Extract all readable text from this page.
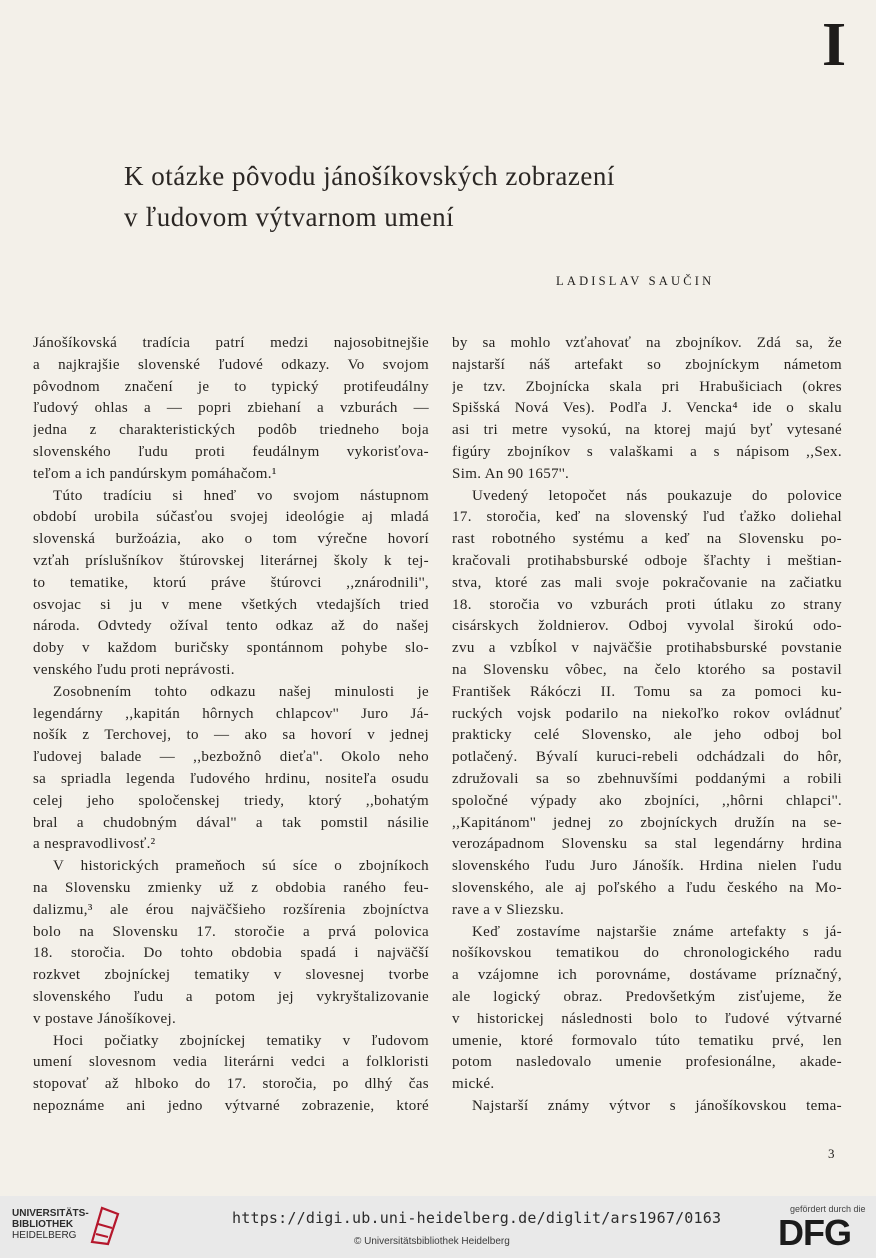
I
K otázke pôvodu jánošíkovských zobrazení
v ľudovom výtvarnom umení
LADISLAV SAUČIN
Jánošíkovská tradícia patrí medzi najosobitnejšie
a najkrajšie slovenské ľudové odkazy. Vo svojom
pôvodnom značení je to typický protifeudálny
ľudový ohlas a — popri zbiehaní a vzburách —
jedna z charakteristických podôb triedneho boja
slovenského ľudu proti feudálnym vykorisťova-
teľom a ich pandúrskym pomáhačom.¹
Túto tradíciu si hneď vo svojom nástupnom
období urobila súčasťou svojej ideológie aj mladá
slovenská buržoázia, ako o tom výrečne hovorí
vzťah príslušníkov štúrovskej literárnej školy k tej-
to tematike, ktorú práve štúrovci ,,znárodnili'',
osvojac si ju v mene všetkých vtedajších tried
národa. Odvtedy ožíval tento odkaz až do našej
doby v každom buričsky spontánnom pohybe slo-
venského ľudu proti neprávosti.
Zosobnením tohto odkazu našej minulosti je
legendárny ,,kapitán hôrnych chlapcov'' Juro Já-
nošík z Terchovej, to — ako sa hovorí v jednej
ľudovej balade — ,,bezbožnô dieťa''. Okolo neho
sa spriadla legenda ľudového hrdinu, nositeľa osudu
celej jeho spoločenskej triedy, ktorý ,,bohatým
bral a chudobným dával'' a tak pomstil násilie
a nespravodlivosť.²
V historických prameňoch sú síce o zbojníkoch
na Slovensku zmienky už z obdobia raného feu-
dalizmu,³ ale érou najväčšieho rozšírenia zbojníctva
bolo na Slovensku 17. storočie a prvá polovica
18. storočia. Do tohto obdobia spadá i najväčší
rozkvet zbojníckej tematiky v slovesnej tvorbe
slovenského ľudu a potom jej vykryštalizovanie
v postave Jánošíkovej.
Hoci počiatky zbojníckej tematiky v ľudovom
umení slovesnom vedia literárni vedci a folkloristi
stopovať až hlboko do 17. storočia, po dlhý čas
nepoznáme ani jedno výtvarné zobrazenie, ktoré
by sa mohlo vzťahovať na zbojníkov. Zdá sa, že
najstarší náš artefakt so zbojníckym námetom
je tzv. Zbojnícka skala pri Hrabušiciach (okres
Spišská Nová Ves). Podľa J. Vencka⁴ ide o skalu
asi tri metre vysokú, na ktorej majú byť vytesané
figúry zbojníkov s valaškami a s nápisom ,,Sex.
Sim. An 90 1657''.
Uvedený letopočet nás poukazuje do polovice
17. storočia, keď na slovenský ľud ťažko doliehal
rast robotného systému a keď na Slovensku po-
kračovali protihabsburské odboje šľachty i meštian-
stva, ktoré zas mali svoje pokračovanie na začiatku
18. storočia vo vzburách proti útlaku zo strany
cisárskych žoldnierov. Odboj vyvolal širokú odo-
zvu a vzbĺkol v najväčšie protihabsburské povstanie
na Slovensku vôbec, na čelo ktorého sa postavil
František Rákóczi II. Tomu sa za pomoci ku-
ruckých vojsk podarilo na niekoľko rokov ovládnuť
prakticky celé Slovensko, ale jeho odboj bol
potlačený. Bývalí kuruci-rebeli odchádzali do hôr,
združovali sa so zbehnuvšími poddanými a robili
spoločné výpady ako zbojníci, ,,hôrni chlapci''.
,,Kapitánom'' jednej zo zbojníckych družín na se-
verozápadnom Slovensku sa stal legendárny hrdina
slovenského ľudu Juro Jánošík. Hrdina nielen ľudu
slovenského, ale aj poľského a ľudu českého na Mo-
rave a v Sliezsku.
Keď zostavíme najstaršie známe artefakty s já-
nošíkovskou tematikou do chronologického radu
a vzájomne ich porovnáme, dostávame príznačný,
ale logický obraz. Predovšetkým zisťujeme, že
v historickej následnosti bolo to ľudové výtvarné
umenie, ktoré formovalo túto tematiku prvé, len
potom nasledovalo umenie profesionálne, akade-
mické.
Najstarší známy výtvor s jánošíkovskou tema-
3
UNIVERSITÄTS-
BIBLIOTHEK
HEIDELBERG
https://digi.ub.uni-heidelberg.de/diglit/ars1967/0163
© Universitätsbibliothek Heidelberg
gefördert durch die
DFG
